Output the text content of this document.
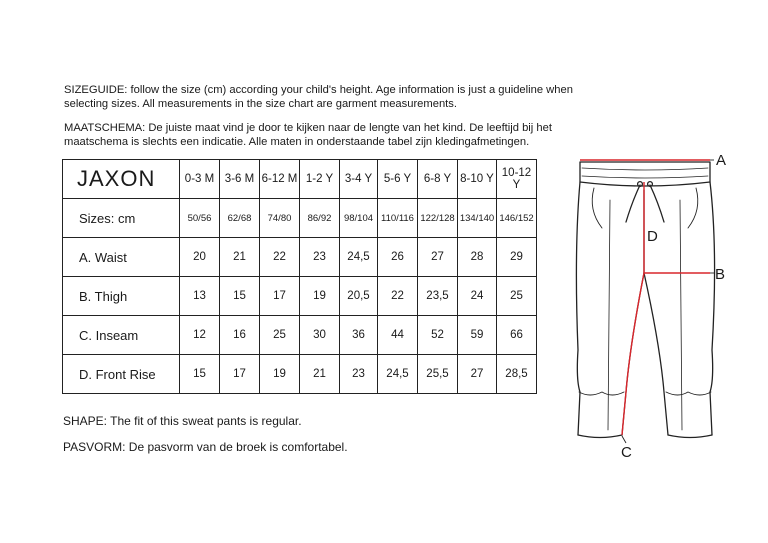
SIZEGUIDE: follow the size (cm) according your child's height. Age information is just a guideline when selecting sizes. All measurements in the size chart are garment measurements.

MAATSCHEMA: De juiste maat vind je door te kijken naar de lengte van het kind. De leeftijd bij het maatschema is slechts een indicatie. Alle maten in onderstaande tabel zijn kledingafmetingen.

JAXON	0-3 M	3-6 M	6-12 M	1-2 Y	3-4 Y	5-6 Y	6-8 Y	8-10 Y	10-12 Y
Sizes: cm	50/56	62/68	74/80	86/92	98/104	110/116	122/128	134/140	146/152
A. Waist	20	21	22	23	24,5	26	27	28	29
B. Thigh	13	15	17	19	20,5	22	23,5	24	25
C. Inseam	12	16	25	30	36	44	52	59	66
D. Front Rise	15	17	19	21	23	24,5	25,5	27	28,5

SHAPE: The fit of this sweat pants is regular.

PASVORM: De pasvorm van de broek is comfortabel.

A
B
C
D
